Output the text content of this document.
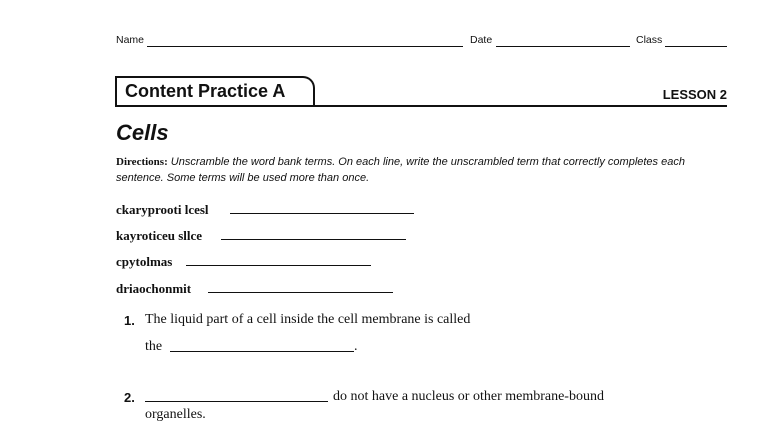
Name	Date	Class
Content Practice A	LESSON 2
Cells
Directions: Unscramble the word bank terms. On each line, write the unscrambled term that correctly completes each sentence. Some terms will be used more than once.
ckaryprooti lcesl
kayroticeu sllce
cpytolmas
driaochonmit
1. The liquid part of a cell inside the cell membrane is called
the	.
2.	do not have a nucleus or other membrane-bound
organelles.
